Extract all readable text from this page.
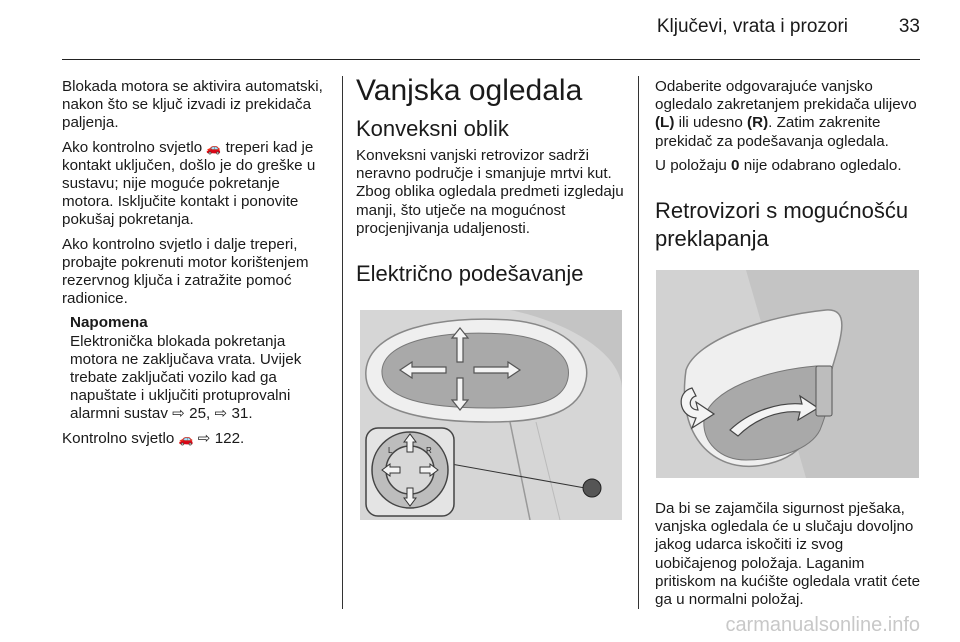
Ključevi, vrata i prozori	33

Blokada motora se aktivira automatski, nakon što se ključ izvadi iz prekidača paljenja.

Ako kontrolno svjetlo 🚗 treperi kad je kontakt uključen, došlo je do greške u sustavu; nije moguće pokretanje motora. Isključite kontakt i ponovite pokušaj pokretanja.

Ako kontrolno svjetlo i dalje treperi, probajte pokrenuti motor korištenjem rezervnog ključa i zatražite pomoć radionice.

Napomena
Elektronička blokada pokretanja motora ne zaključava vrata. Uvijek trebate zaključati vozilo kad ga napuštate i uključiti protuprovalni alarmni sustav ⇨ 25, ⇨ 31.

Kontrolno svjetlo 🚗 ⇨ 122.

Vanjska ogledala
Konveksni oblik

Konveksni vanjski retrovizor sadrži neravno područje i smanjuje mrtvi kut. Zbog oblika ogledala predmeti izgledaju manji, što utječe na mogućnost procjenjivanja udaljenosti.

Električno podešavanje
L	R

Odaberite odgovarajuće vanjsko ogledalo zakretanjem prekidača ulijevo (L) ili udesno (R). Zatim zakrenite prekidač za podešavanja ogledala.

U položaju 0 nije odabrano ogledalo.

Retrovizori s mogućnošću preklapanja

Da bi se zajamčila sigurnost pješaka, vanjska ogledala će u slučaju dovoljno jakog udarca iskočiti iz svog uobičajenog položaja. Laganim pritiskom na kućište ogledala vratit ćete ga u normalni položaj.

carmanualsonline.info
